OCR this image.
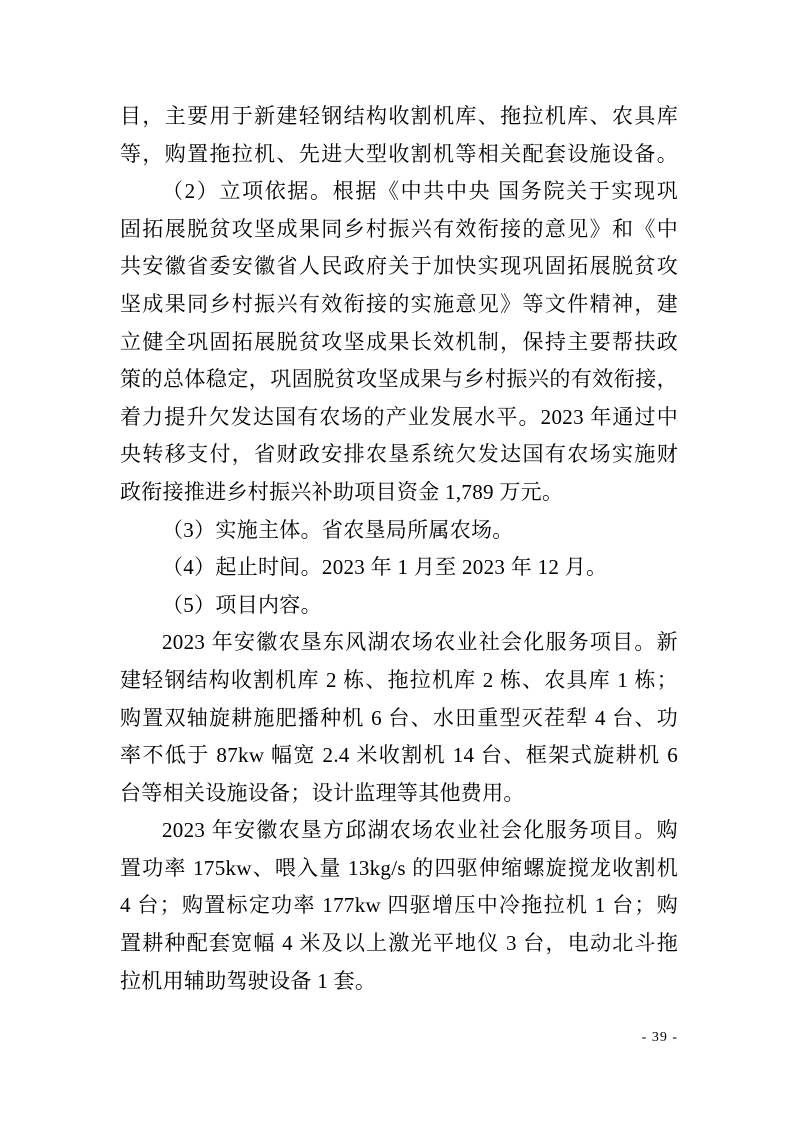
目，主要用于新建轻钢结构收割机库、拖拉机库、农具库
等，购置拖拉机、先进大型收割机等相关配套设施设备。
（2）立项依据。根据《中共中央 国务院关于实现巩
固拓展脱贫攻坚成果同乡村振兴有效衔接的意见》和《中
共安徽省委安徽省人民政府关于加快实现巩固拓展脱贫攻
坚成果同乡村振兴有效衔接的实施意见》等文件精神，建
立健全巩固拓展脱贫攻坚成果长效机制，保持主要帮扶政
策的总体稳定，巩固脱贫攻坚成果与乡村振兴的有效衔接，
着力提升欠发达国有农场的产业发展水平。2023 年通过中
央转移支付，省财政安排农垦系统欠发达国有农场实施财
政衔接推进乡村振兴补助项目资金 1,789 万元。
（3）实施主体。省农垦局所属农场。
（4）起止时间。2023 年 1 月至 2023 年 12 月。
（5）项目内容。
2023 年安徽农垦东风湖农场农业社会化服务项目。新
建轻钢结构收割机库 2 栋、拖拉机库 2 栋、农具库 1 栋；
购置双轴旋耕施肥播种机 6 台、水田重型灭茬犁 4 台、功
率不低于 87kw 幅宽 2.4 米收割机 14 台、框架式旋耕机 6
台等相关设施设备；设计监理等其他费用。
2023 年安徽农垦方邱湖农场农业社会化服务项目。购
置功率 175kw、喂入量 13kg/s 的四驱伸缩螺旋搅龙收割机
4 台；购置标定功率 177kw 四驱增压中冷拖拉机 1 台；购
置耕种配套宽幅 4 米及以上激光平地仪 3 台，电动北斗拖
拉机用辅助驾驶设备 1 套。
- 39 -
